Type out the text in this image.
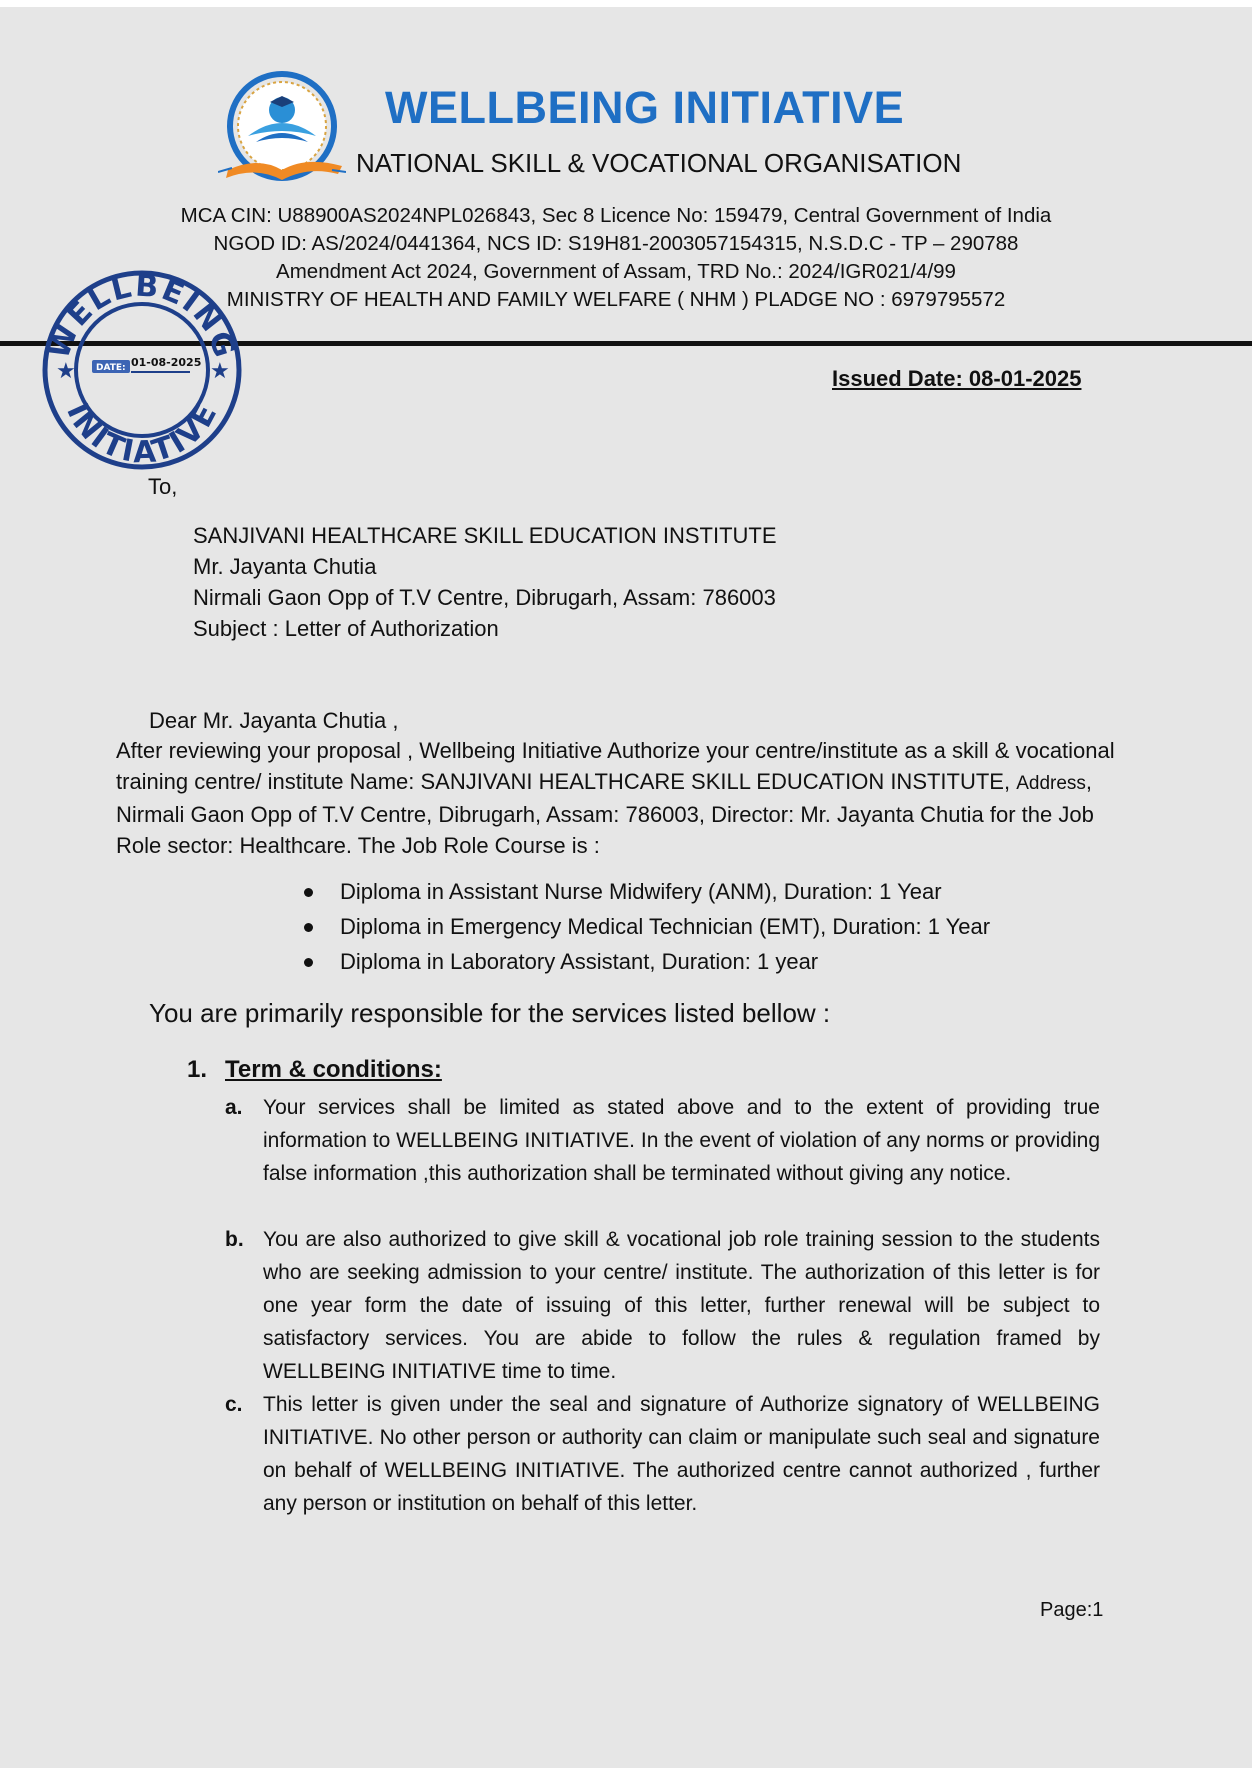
WELLBEING INITIATIVE
NATIONAL SKILL & VOCATIONAL ORGANISATION
MCA CIN: U88900AS2024NPL026843, Sec 8 Licence No: 159479, Central Government of India
NGOD ID: AS/2024/0441364, NCS ID: S19H81-2003057154315, N.S.D.C - TP – 290788
Amendment Act 2024, Government of Assam, TRD No.: 2024/IGR021/4/99
MINISTRY OF HEALTH AND FAMILY WELFARE ( NHM ) PLADGE NO : 6979795572
WELLBEING
INITIATIVE
★	★
DATE: 01-08-2025
Issued Date: 08-01-2025
To,
SANJIVANI HEALTHCARE SKILL EDUCATION INSTITUTE
Mr. Jayanta Chutia
Nirmali Gaon Opp of T.V Centre, Dibrugarh, Assam: 786003
Subject : Letter of Authorization
Dear Mr. Jayanta Chutia ,
After reviewing your proposal , Wellbeing Initiative Authorize your centre/institute as a skill & vocational training centre/ institute Name: SANJIVANI HEALTHCARE SKILL EDUCATION INSTITUTE, Address, Nirmali Gaon Opp of T.V Centre, Dibrugarh, Assam: 786003, Director: Mr. Jayanta Chutia for the Job Role sector: Healthcare. The Job Role Course is :
Diploma in Assistant Nurse Midwifery (ANM), Duration: 1 Year
Diploma in Emergency Medical Technician (EMT), Duration: 1 Year
Diploma in Laboratory Assistant, Duration: 1 year
You are primarily responsible for the services listed bellow :
1. Term & conditions:
a. Your services shall be limited as stated above and to the extent of providing true information to WELLBEING INITIATIVE. In the event of violation of any norms or providing false information ,this authorization shall be terminated without giving any notice.
b. You are also authorized to give skill & vocational job role training session to the students who are seeking admission to your centre/ institute. The authorization of this letter is for one year form the date of issuing of this letter, further renewal will be subject to satisfactory services. You are abide to follow the rules & regulation framed by WELLBEING INITIATIVE time to time.
c. This letter is given under the seal and signature of Authorize signatory of WELLBEING INITIATIVE. No other person or authority can claim or manipulate such seal and signature on behalf of WELLBEING INITIATIVE. The authorized centre cannot authorized , further any person or institution on behalf of this letter.
Page:1
